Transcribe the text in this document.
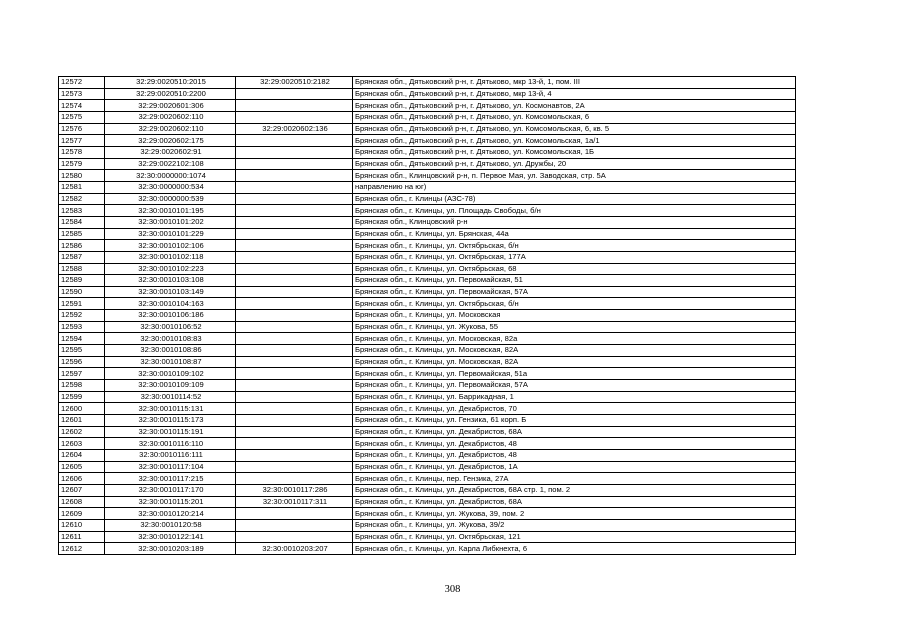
12572	32:29:0020510:2015	32:29:0020510:2182	Брянская обл., Дятьковский р-н, г. Дятьково, мкр 13-й, 1, пом. III
12573	32:29:0020510:2200		Брянская обл., Дятьковский р-н, г. Дятьково, мкр 13-й, 4
12574	32:29:0020601:306		Брянская обл., Дятьковский р-н, г. Дятьково, ул. Космонавтов, 2А
12575	32:29:0020602:110		Брянская обл., Дятьковский р-н, г. Дятьково, ул. Комсомольская, 6
12576	32:29:0020602:110	32:29:0020602:136	Брянская обл., Дятьковский р-н, г. Дятьково, ул. Комсомольская, 6, кв. 5
12577	32:29:0020602:175		Брянская обл., Дятьковский р-н, г. Дятьково, ул. Комсомольская, 1а/1
12578	32:29:0020602:91		Брянская обл., Дятьковский р-н, г. Дятьково, ул. Комсомольская, 1Б
12579	32:29:0022102:108		Брянская обл., Дятьковский р-н, г. Дятьково, ул. Дружбы, 20
12580	32:30:0000000:1074		Брянская обл., Клинцовский р-н, п. Первое Мая, ул. Заводская, стр. 5А
12581	32:30:0000000:534		направлению на юг)
12582	32:30:0000000:539		Брянская обл., г. Клинцы (АЗС-78)
12583	32:30:0010101:195		Брянская обл., г. Клинцы, ул. Площадь Свободы, б/н
12584	32:30:0010101:202		Брянская обл., Клинцовский р-н
12585	32:30:0010101:229		Брянская обл., г. Клинцы, ул. Брянская, 44а
12586	32:30:0010102:106		Брянская обл., г. Клинцы, ул. Октябрьская, б/н
12587	32:30:0010102:118		Брянская обл., г. Клинцы, ул. Октябрьская, 177А
12588	32:30:0010102:223		Брянская обл., г. Клинцы, ул. Октябрьская, 68
12589	32:30:0010103:108		Брянская обл., г. Клинцы, ул. Первомайская, 51
12590	32:30:0010103:149		Брянская обл., г. Клинцы, ул. Первомайская, 57А
12591	32:30:0010104:163		Брянская обл., г. Клинцы, ул. Октябрьская, б/н
12592	32:30:0010106:186		Брянская обл., г. Клинцы, ул. Московская
12593	32:30:0010106:52		Брянская обл., г. Клинцы, ул. Жукова, 55
12594	32:30:0010108:83		Брянская обл., г. Клинцы, ул. Московская, 82а
12595	32:30:0010108:86		Брянская обл., г. Клинцы, ул. Московская, 82А
12596	32:30:0010108:87		Брянская обл., г. Клинцы, ул. Московская, 82А
12597	32:30:0010109:102		Брянская обл., г. Клинцы, ул. Первомайская, 51а
12598	32:30:0010109:109		Брянская обл., г. Клинцы, ул. Первомайская, 57А
12599	32:30:0010114:52		Брянская обл., г. Клинцы, ул. Баррикадная, 1
12600	32:30:0010115:131		Брянская обл., г. Клинцы, ул. Декабристов, 70
12601	32:30:0010115:173		Брянская обл., г. Клинцы, ул. Гензика, 61 корп. Б
12602	32:30:0010115:191		Брянская обл., г. Клинцы, ул. Декабристов, 68А
12603	32:30:0010116:110		Брянская обл., г. Клинцы, ул. Декабристов, 48
12604	32:30:0010116:111		Брянская обл., г. Клинцы, ул. Декабристов, 48
12605	32:30:0010117:104		Брянская обл., г. Клинцы, ул. Декабристов, 1А
12606	32:30:0010117:215		Брянская обл., г. Клинцы, пер. Гензика, 27А
12607	32:30:0010117:170	32:30:0010117:286	Брянская обл., г. Клинцы, ул. Декабристов, 68А стр. 1, пом. 2
12608	32:30:0010115:201	32:30:0010117:311	Брянская обл., г. Клинцы, ул. Декабристов, 68А
12609	32:30:0010120:214		Брянская обл., г. Клинцы, ул. Жукова, 39, пом. 2
12610	32:30:0010120:58		Брянская обл., г. Клинцы, ул. Жукова, 39/2
12611	32:30:0010122:141		Брянская обл., г. Клинцы, ул. Октябрьская, 121
12612	32:30:0010203:189	32:30:0010203:207	Брянская обл., г. Клинцы, ул. Карла Либкнехта, 6
308
